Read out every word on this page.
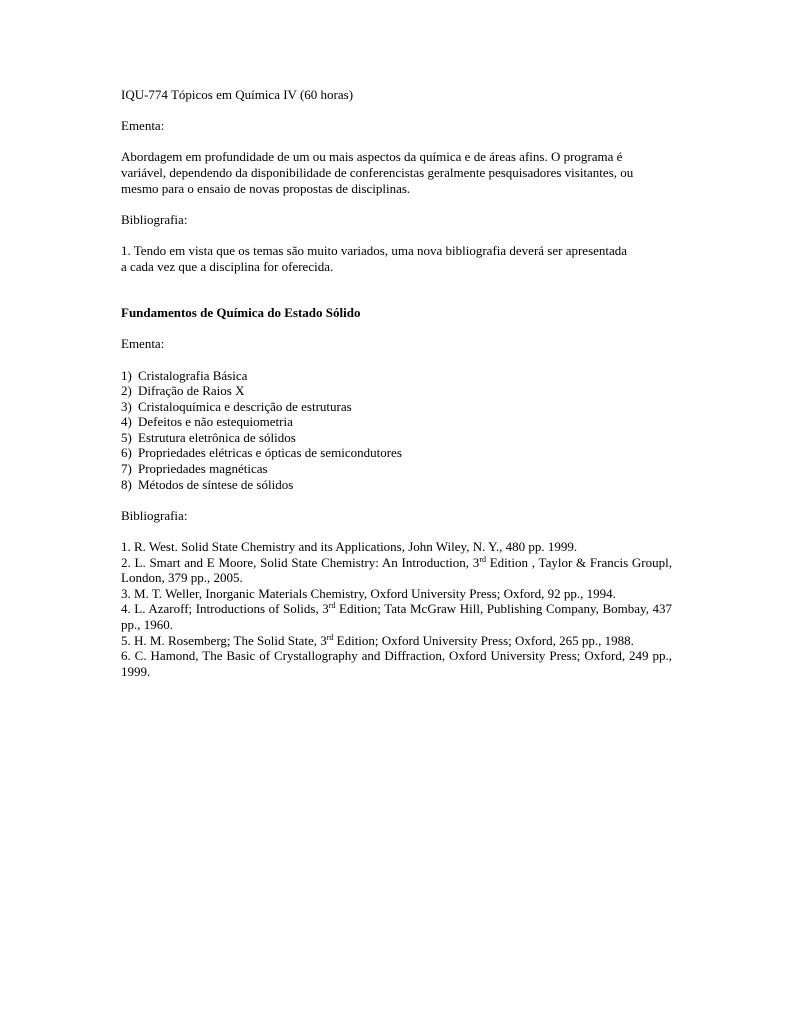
IQU-774 Tópicos em Química IV (60 horas)

Ementa:

Abordagem em profundidade de um ou mais aspectos da química e de áreas afins. O programa é

variável, dependendo da disponibilidade de conferencistas geralmente pesquisadores visitantes, ou

mesmo para o ensaio de novas propostas de disciplinas.

Bibliografia:

1. Tendo em vista que os temas são muito variados, uma nova bibliografia deverá ser apresentada

a cada vez que a disciplina for oferecida.

Fundamentos de Química do Estado Sólido

Ementa:

1) Cristalografia Básica
2) Difração de Raios X
3) Cristaloquímica e descrição de estruturas
4) Defeitos e não estequiometria
5) Estrutura eletrônica de sólidos
6) Propriedades elétricas e ópticas de semicondutores
7) Propriedades magnéticas
8) Métodos de síntese de sólidos

Bibliografia:

1. R. West. Solid State Chemistry and its Applications, John Wiley, N. Y., 480 pp. 1999.

2. L. Smart and E Moore, Solid State Chemistry: An Introduction, 3rd Edition , Taylor & Francis Groupl, London, 379 pp., 2005.

3. M. T. Weller, Inorganic Materials Chemistry, Oxford University Press; Oxford, 92 pp., 1994.

4. L. Azaroff; Introductions of Solids, 3rd Edition; Tata McGraw Hill, Publishing Company, Bombay, 437 pp., 1960.

5. H. M. Rosemberg; The Solid State, 3rd Edition; Oxford University Press; Oxford, 265 pp., 1988.

6. C. Hamond, The Basic of Crystallography and Diffraction, Oxford University Press; Oxford, 249 pp., 1999.
